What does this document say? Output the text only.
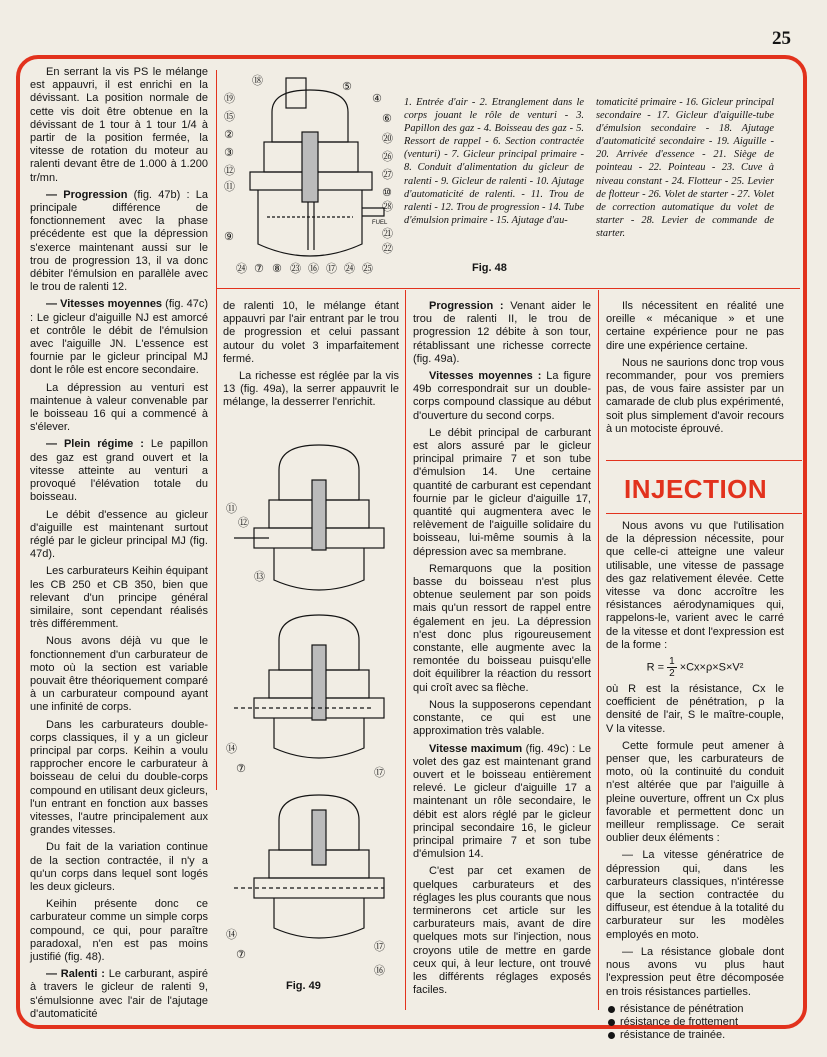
25

En serrant la vis PS le mélange est appauvri, il est enrichi en la dévissant. La position normale de cette vis doit être obtenue en la dévissant de 1 tour à 1 tour 1/4 à partir de la position fermée, la vitesse de rotation du moteur au ralenti devant être de 1.000 à 1.200 tr/mn.

— Progression (fig. 47b) : La principale différence de fonctionnement avec la phase précédente est que la dépression s'exerce maintenant aussi sur le trou de progression 13, il va donc débiter l'émulsion en parallèle avec le trou de ralenti 12.

— Vitesses moyennes (fig. 47c) : Le gicleur d'aiguille NJ est amorcé et contrôle le débit de l'émulsion avec l'aiguille JN. L'essence est fournie par le gicleur principal MJ dont le rôle est encore secondaire.

La dépression au venturi est maintenue à valeur convenable par le boisseau 16 qui a commencé à s'élever.

— Plein régime : Le papillon des gaz est grand ouvert et la vitesse atteinte au venturi a provoqué l'élévation totale du boisseau.

Le débit d'essence au gicleur d'aiguille est maintenant surtout réglé par le gicleur principal MJ (fig. 47d).

Les carburateurs Keihin équipant les CB 250 et CB 350, bien que relevant d'un principe général similaire, sont cependant réalisés très différemment.

Nous avons déjà vu que le fonctionnement d'un carburateur de moto où la section est variable pouvait être théoriquement comparé à un carburateur compound ayant une infinité de corps.

Dans les carburateurs double-corps classiques, il y a un gicleur principal par corps. Keihin a voulu rapprocher encore le carburateur à boisseau de celui du double-corps compound en utilisant deux gicleurs, l'un entrant en fonction aux basses vitesses, l'autre principalement aux grandes vitesses.

Du fait de la variation continue de la section contractée, il n'y a qu'un corps dans lequel sont logés les deux gicleurs.

Keihin présente donc ce carburateur comme un simple corps compound, ce qui, pour paraître paradoxal, n'en est pas moins justifié (fig. 48).

— Ralenti : Le carburant, aspiré à travers le gicleur de ralenti 9, s'émulsionne avec l'air de l'ajutage d'automaticité

FUEL
⑱
⑲
⑮
②
③
⑫
⑪
⑨
⑤
④
⑥
⑳
㉖
㉗
⑩
㉘
㉑
㉒
㉔ ⑦ ⑧ ㉓ ⑯ ⑰ ㉔ ㉕

1. Entrée d'air - 2. Etranglement dans le corps jouant le rôle de venturi - 3. Papillon des gaz - 4. Boisseau des gaz - 5. Ressort de rappel - 6. Section contractée (venturi) - 7. Gicleur principal primaire - 8. Conduit d'alimentation du gicleur de ralenti - 9. Gicleur de ralenti - 10. Ajutage d'automaticité de ralenti. - 11. Trou de ralenti - 12. Trou de progression - 14. Tube d'émulsion primaire - 15. Ajutage d'au-

tomaticité primaire - 16. Gicleur principal secondaire - 17. Gicleur d'aiguille-tube d'émulsion secondaire - 18. Ajutage d'automaticité secondaire - 19. Aiguille - 20. Arrivée d'essence - 21. Siège de pointeau - 22. Pointeau - 23. Cuve à niveau constant - 24. Flotteur - 25. Levier de flotteur - 26. Volet de starter - 27. Volet de correction automatique du volet de starter - 28. Levier de commande de starter.

Fig. 48

de ralenti 10, le mélange étant appauvri par l'air entrant par le trou de progression et celui passant autour du volet 3 imparfaitement fermé.

La richesse est réglée par la vis 13 (fig. 49a), la serrer appauvrit le mélange, la desserrer l'enrichit.

⑪
⑫
⑬
⑭
⑦	⑰
⑭
⑦
⑰
⑯
Fig. 49

Progression : Venant aider le trou de ralenti II, le trou de progression 12 débite à son tour, rétablissant une richesse correcte (fig. 49a).

Vitesses moyennes : La figure 49b correspondrait sur un double-corps compound classique au début d'ouverture du second corps.

Le débit principal de carburant est alors assuré par le gicleur principal primaire 7 et son tube d'émulsion 14. Une certaine quantité de carburant est cependant fournie par le gicleur d'aiguille 17, quantité qui augmentera avec le relèvement de l'aiguille solidaire du boisseau, lui-même soumis à la dépression avec sa membrane.

Remarquons que la position basse du boisseau n'est plus obtenue seulement par son poids mais qu'un ressort de rappel entre également en jeu. La dépression n'est donc plus rigoureusement constante, elle augmente avec la remontée du boisseau puisqu'elle doit équilibrer la réaction du ressort qui croît avec sa flèche.

Nous la supposerons cependant constante, ce qui est une approximation très valable.

Vitesse maximum (fig. 49c) : Le volet des gaz est maintenant grand ouvert et le boisseau entièrement relevé. Le gicleur d'aiguille 17 a maintenant un rôle secondaire, le débit est alors réglé par le gicleur principal secondaire 16, le gicleur principal primaire 7 et son tube d'émulsion 14.

C'est par cet examen de quelques carburateurs et des réglages les plus courants que nous terminerons cet article sur les carburateurs mais, avant de dire quelques mots sur l'injection, nous croyons utile de mettre en garde ceux qui, à leur lecture, ont trouvé les différents réglages exposés faciles.

Ils nécessitent en réalité une oreille « mécanique » et une certaine expérience pour ne pas dire une expérience certaine.

Nous ne saurions donc trop vous recommander, pour vos premiers pas, de vous faire assister par un camarade de club plus expérimenté, soit plus simplement d'avoir recours à un motociste éprouvé.

INJECTION

Nous avons vu que l'utilisation de la dépression nécessite, pour que celle-ci atteigne une valeur utilisable, une vitesse de passage des gaz relativement élevée. Cette vitesse va donc accroître les résistances aérodynamiques qui, rappelons-le, varient avec le carré de la vitesse et dont l'expression est de la forme :

$R = \frac{1}{2} \times Cx\times\rho\times S\times V^2$

où R est la résistance, Cx le coefficient de pénétration, ρ la densité de l'air, S le maître-couple, V la vitesse.

Cette formule peut amener à penser que, les carburateurs de moto, où la continuité du conduit n'est altérée que par l'aiguille à pleine ouverture, offrent un Cx plus favorable et permettent donc un meilleur remplissage. Ce serait oublier deux éléments :

— La vitesse génératrice de dépression qui, dans les carburateurs classiques, n'intéresse que la section contractée du diffuseur, est étendue à la totalité du carburateur sur les modèles employés en moto.

— La résistance globale dont nous avons vu plus haut l'expression peut être décomposée en trois résistances partielles.

résistance de pénétration
résistance de frottement
résistance de trainée.
